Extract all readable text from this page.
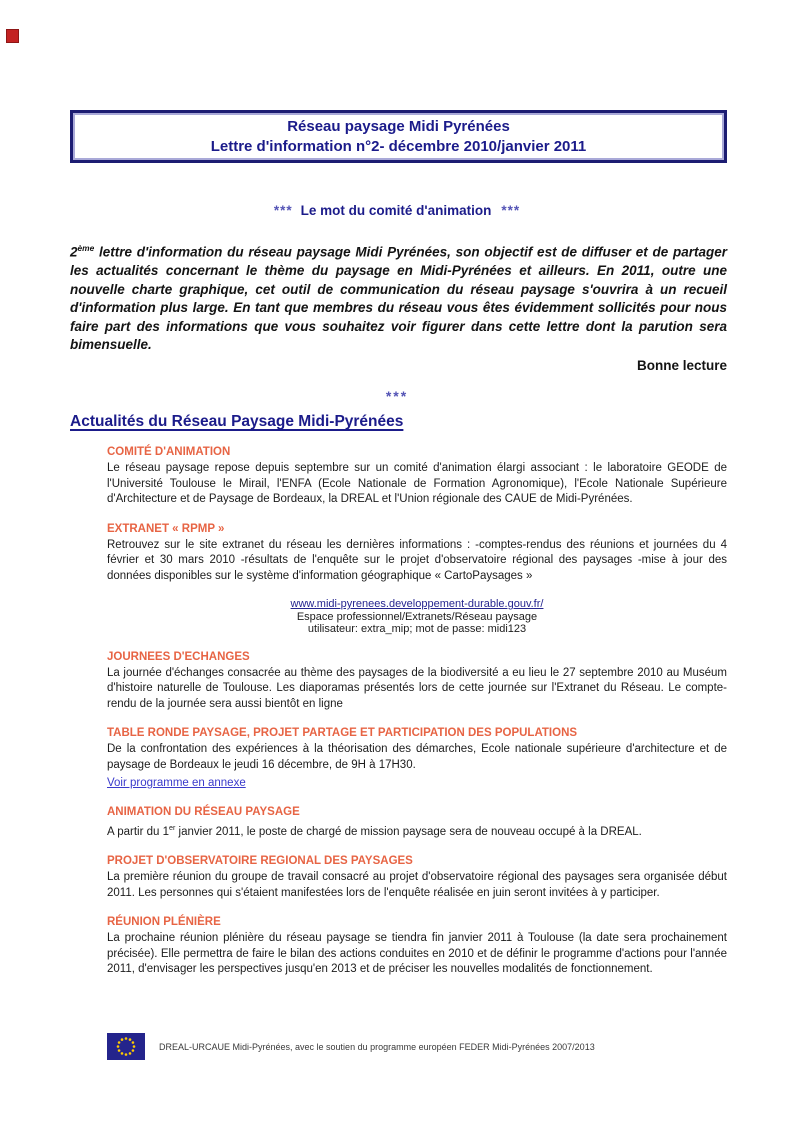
Réseau paysage Midi Pyrénées
Lettre d'information n°2- décembre 2010/janvier 2011
*** Le mot du comité d'animation ***

2ème lettre d'information du réseau paysage Midi Pyrénées, son objectif est de diffuser et de partager les actualités concernant le thème du paysage en Midi-Pyrénées et ailleurs. En 2011, outre une nouvelle charte graphique, cet outil de communication du réseau paysage s'ouvrira à un recueil d'information plus large. En tant que membres du réseau vous êtes évidemment sollicités pour nous faire part des informations que vous souhaitez voir figurer dans cette lettre dont la parution sera bimensuelle.

Bonne lecture
***
Actualités du Réseau Paysage Midi-Pyrénées
COMITÉ D'ANIMATION

Le réseau paysage repose depuis septembre sur un comité d'animation élargi associant : le laboratoire GEODE de l'Université Toulouse le Mirail, l'ENFA (Ecole Nationale de Formation Agronomique), l'Ecole Nationale Supérieure d'Architecture et de Paysage de Bordeaux, la DREAL et l'Union régionale des CAUE de Midi-Pyrénées.

EXTRANET « RPMP »

Retrouvez sur le site extranet du réseau les dernières informations : -comptes-rendus des réunions et journées du 4 février et 30 mars 2010 -résultats de l'enquête sur le projet d'observatoire régional des paysages -mise à jour des données disponibles sur le système d'information géographique « CartoPaysages »

www.midi-pyrenees.developpement-durable.gouv.fr/
Espace professionnel/Extranets/Réseau paysage
utilisateur: extra_mip; mot de passe: midi123
JOURNEES D'ECHANGES

La journée d'échanges consacrée au thème des paysages de la biodiversité a eu lieu le 27 septembre 2010 au Muséum d'histoire naturelle de Toulouse. Les diaporamas présentés lors de cette journée sur l'Extranet du Réseau. Le compte-rendu de la journée sera aussi bientôt en ligne

TABLE RONDE PAYSAGE, PROJET PARTAGE ET PARTICIPATION DES POPULATIONS

De la confrontation des expériences à la théorisation des démarches, Ecole nationale supérieure d'architecture et de paysage de Bordeaux le jeudi 16 décembre, de 9H à 17H30.

Voir programme en annexe
ANIMATION DU RÉSEAU PAYSAGE

A partir du 1er janvier 2011, le poste de chargé de mission paysage sera de nouveau occupé à la DREAL.

PROJET D'OBSERVATOIRE REGIONAL DES PAYSAGES

La première réunion du groupe de travail consacré au projet d'observatoire régional des paysages sera organisée début 2011. Les personnes qui s'étaient manifestées lors de l'enquête réalisée en juin seront invitées à y participer.

RÉUNION PLÉNIÈRE

La prochaine réunion plénière du réseau paysage se tiendra fin janvier 2011 à Toulouse (la date sera prochainement précisée). Elle permettra de faire le bilan des actions conduites en 2010 et de définir le programme d'actions pour l'année 2011, d'envisager les perspectives jusqu'en 2013 et de préciser les nouvelles modalités de fonctionnement.

DREAL-URCAUE Midi-Pyrénées, avec le soutien du programme européen FEDER Midi-Pyrénées 2007/2013
